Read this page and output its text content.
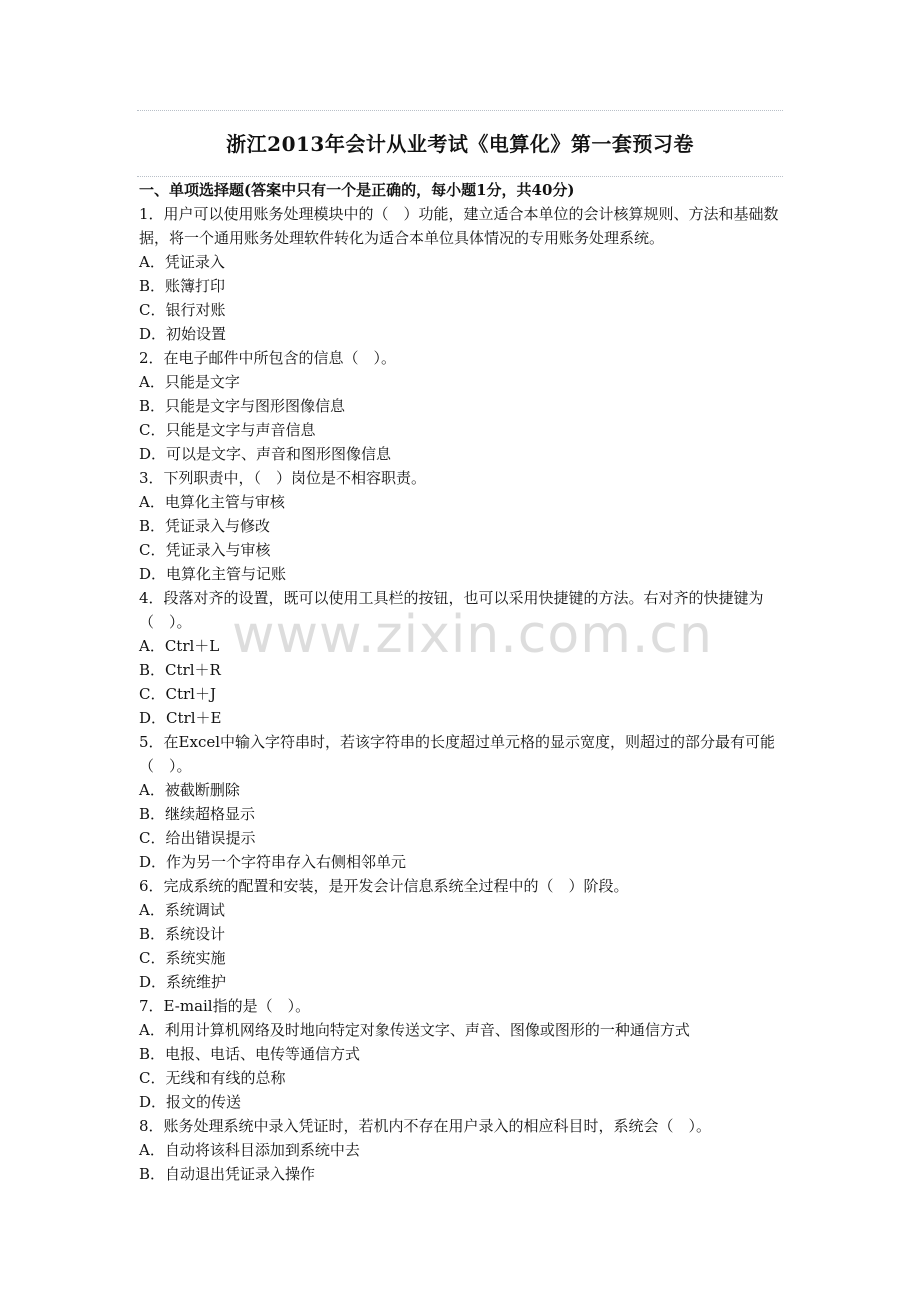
浙江2013年会计从业考试《电算化》第一套预习卷
一、单项选择题(答案中只有一个是正确的，每小题1分，共40分)
1．用户可以使用账务处理模块中的（　）功能，建立适合本单位的会计核算规则、方法和基础数据，将一个通用账务处理软件转化为适合本单位具体情况的专用账务处理系统。
A．凭证录入
B．账簿打印
C．银行对账
D．初始设置
2．在电子邮件中所包含的信息（　）。
A．只能是文字
B．只能是文字与图形图像信息
C．只能是文字与声音信息
D．可以是文字、声音和图形图像信息
3．下列职责中，（　）岗位是不相容职责。
A．电算化主管与审核
B．凭证录入与修改
C．凭证录入与审核
D．电算化主管与记账
4．段落对齐的设置，既可以使用工具栏的按钮，也可以采用快捷键的方法。右对齐的快捷键为（　）。
A．Ctrl＋L
B．Ctrl＋R
C．Ctrl＋J
D．Ctrl＋E
5．在Excel中输入字符串时，若该字符串的长度超过单元格的显示宽度，则超过的部分最有可能（　）。
A．被截断删除
B．继续超格显示
C．给出错误提示
D．作为另一个字符串存入右侧相邻单元
6．完成系统的配置和安装，是开发会计信息系统全过程中的（　）阶段。
A．系统调试
B．系统设计
C．系统实施
D．系统维护
7．E-mail指的是（　）。
A．利用计算机网络及时地向特定对象传送文字、声音、图像或图形的一种通信方式
B．电报、电话、电传等通信方式
C．无线和有线的总称
D．报文的传送
8．账务处理系统中录入凭证时，若机内不存在用户录入的相应科目时，系统会（　）。
A．自动将该科目添加到系统中去
B．自动退出凭证录入操作
www.zixin.com.cn
